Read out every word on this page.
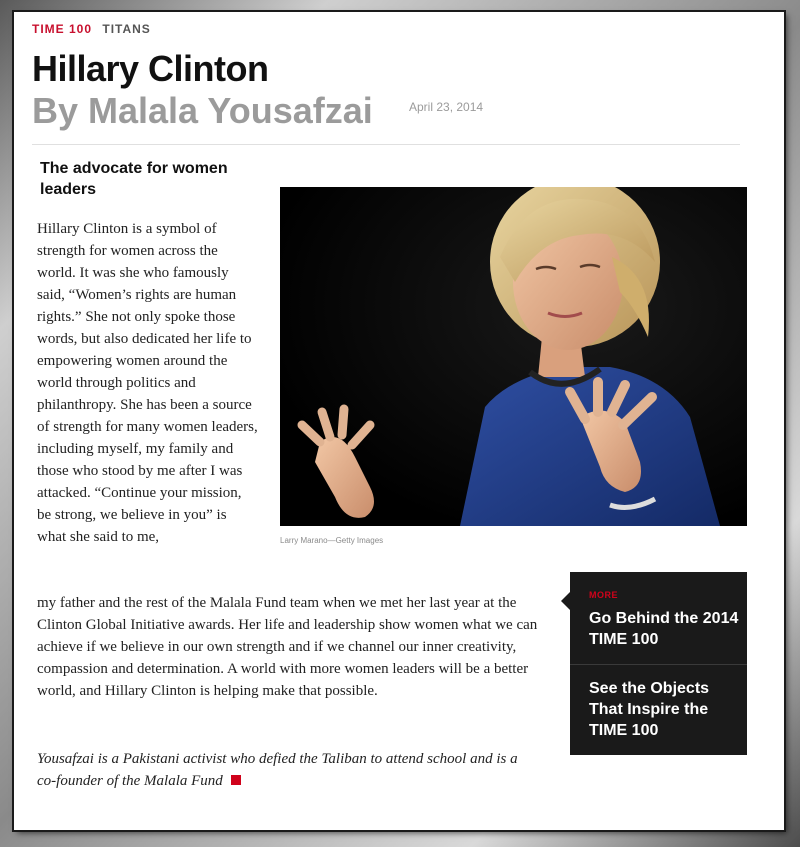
TIME 100 TITANS
Hillary Clinton
By Malala Yousafzai	April 23, 2014
The advocate for women leaders

Hillary Clinton is a symbol of strength for women across the world. It was she who famously said, “Women’s rights are human rights.” She not only spoke those words, but also dedicated her life to empowering women around the world through politics and philanthropy. She has been a source of strength for many women leaders, including myself, my family and those who stood by me after I was attacked. “Continue your mission, be strong, we believe in you” is what she said to me,	Larry Marano—Getty Images
MORE
Go Behind the 2014 TIME 100
See the Objects That Inspire the TIME 100

my father and the rest of the Malala Fund team when we met her last year at the Clinton Global Initiative awards. Her life and leadership show women what we can achieve if we believe in our own strength and if we channel our inner creativity, compassion and determination. A world with more women leaders will be a better world, and Hillary Clinton is helping make that possible.

Yousafzai is a Pakistani activist who defied the Taliban to attend school and is a co-founder of the Malala Fund
